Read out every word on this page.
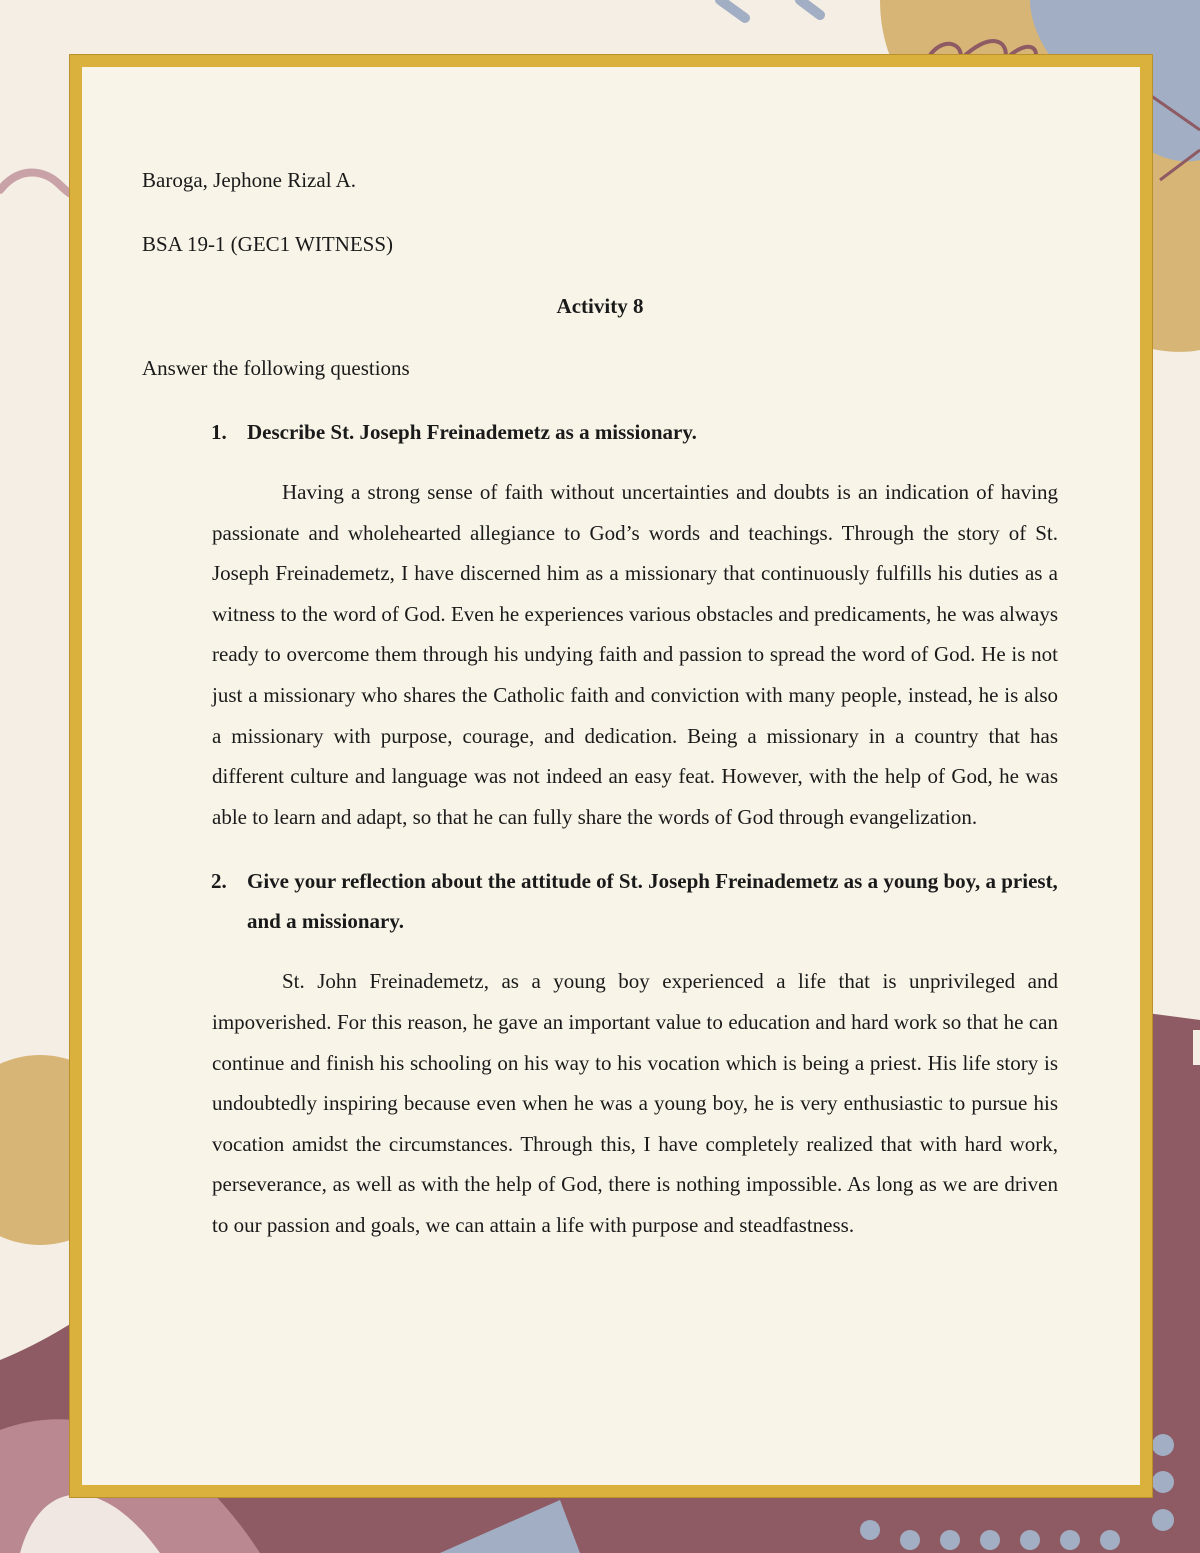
Baroga, Jephone Rizal A.

BSA 19-1 (GEC1 WITNESS)

Activity 8

Answer the following questions

1. Describe St. Joseph Freinademetz as a missionary.

Having a strong sense of faith without uncertainties and doubts is an indication of having passionate and wholehearted allegiance to God’s words and teachings. Through the story of St. Joseph Freinademetz, I have discerned him as a missionary that continuously fulfills his duties as a witness to the word of God. Even he experiences various obstacles and predicaments, he was always ready to overcome them through his undying faith and passion to spread the word of God. He is not just a missionary who shares the Catholic faith and conviction with many people, instead, he is also a missionary with purpose, courage, and dedication. Being a missionary in a country that has different culture and language was not indeed an easy feat. However, with the help of God, he was able to learn and adapt, so that he can fully share the words of God through evangelization.

2. Give your reflection about the attitude of St. Joseph Freinademetz as a young boy, a priest, and a missionary.

St. John Freinademetz, as a young boy experienced a life that is unprivileged and impoverished. For this reason, he gave an important value to education and hard work so that he can continue and finish his schooling on his way to his vocation which is being a priest. His life story is undoubtedly inspiring because even when he was a young boy, he is very enthusiastic to pursue his vocation amidst the circumstances. Through this, I have completely realized that with hard work, perseverance, as well as with the help of God, there is nothing impossible. As long as we are driven to our passion and goals, we can attain a life with purpose and steadfastness.
